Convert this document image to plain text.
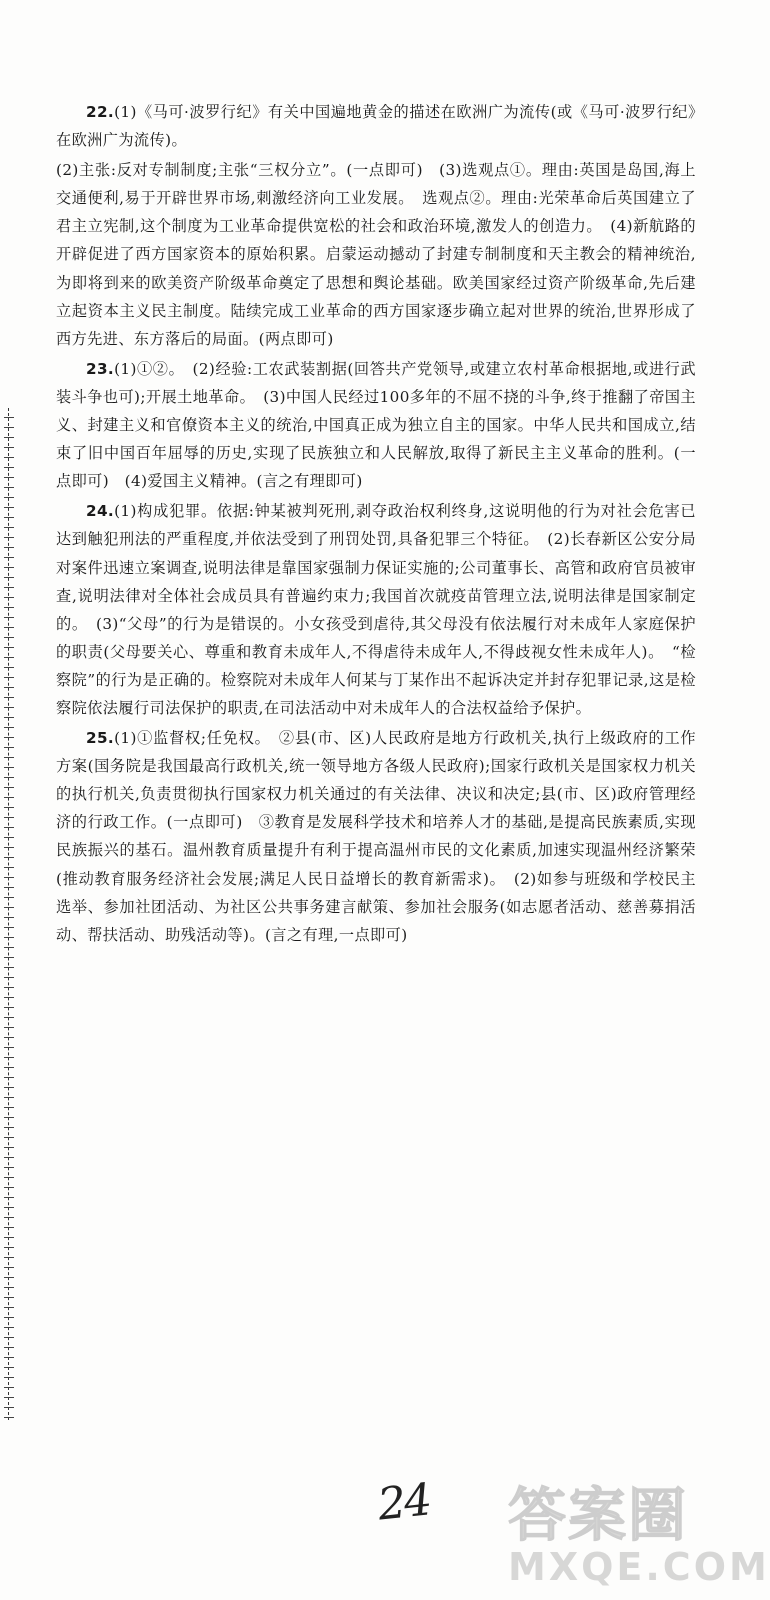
22.(1)《马可·波罗行纪》有关中国遍地黄金的描述在欧洲广为流传(或《马可·波罗行纪》在欧洲广为流传)。

(2)主张:反对专制制度;主张“三权分立”。(一点即可)　(3)选观点①。理由:英国是岛国,海上交通便利,易于开辟世界市场,刺激经济向工业发展。　选观点②。理由:光荣革命后英国建立了君主立宪制,这个制度为工业革命提供宽松的社会和政治环境,激发人的创造力。　(4)新航路的开辟促进了西方国家资本的原始积累。启蒙运动撼动了封建专制制度和天主教会的精神统治,为即将到来的欧美资产阶级革命奠定了思想和舆论基础。欧美国家经过资产阶级革命,先后建立起资本主义民主制度。陆续完成工业革命的西方国家逐步确立起对世界的统治,世界形成了西方先进、东方落后的局面。(两点即可)

23.(1)①②。　(2)经验:工农武装割据(回答共产党领导,或建立农村革命根据地,或进行武装斗争也可);开展土地革命。　(3)中国人民经过100多年的不屈不挠的斗争,终于推翻了帝国主义、封建主义和官僚资本主义的统治,中国真正成为独立自主的国家。中华人民共和国成立,结束了旧中国百年屈辱的历史,实现了民族独立和人民解放,取得了新民主主义革命的胜利。(一点即可)　(4)爱国主义精神。(言之有理即可)

24.(1)构成犯罪。依据:钟某被判死刑,剥夺政治权利终身,这说明他的行为对社会危害已达到触犯刑法的严重程度,并依法受到了刑罚处罚,具备犯罪三个特征。　(2)长春新区公安分局对案件迅速立案调查,说明法律是靠国家强制力保证实施的;公司董事长、高管和政府官员被审查,说明法律对全体社会成员具有普遍约束力;我国首次就疫苗管理立法,说明法律是国家制定的。　(3)“父母”的行为是错误的。小女孩受到虐待,其父母没有依法履行对未成年人家庭保护的职责(父母要关心、尊重和教育未成年人,不得虐待未成年人,不得歧视女性未成年人)。　“检察院”的行为是正确的。检察院对未成年人何某与丁某作出不起诉决定并封存犯罪记录,这是检察院依法履行司法保护的职责,在司法活动中对未成年人的合法权益给予保护。

25.(1)①监督权;任免权。　②县(市、区)人民政府是地方行政机关,执行上级政府的工作方案(国务院是我国最高行政机关,统一领导地方各级人民政府);国家行政机关是国家权力机关的执行机关,负责贯彻执行国家权力机关通过的有关法律、决议和决定;县(市、区)政府管理经济的行政工作。(一点即可)　③教育是发展科学技术和培养人才的基础,是提高民族素质,实现民族振兴的基石。温州教育质量提升有利于提高温州市民的文化素质,加速实现温州经济繁荣(推动教育服务经济社会发展;满足人民日益增长的教育新需求)。　(2)如参与班级和学校民主选举、参加社团活动、为社区公共事务建言献策、参加社会服务(如志愿者活动、慈善募捐活动、帮扶活动、助残活动等)。(言之有理,一点即可)

24 答案圈
MXQE.COM
